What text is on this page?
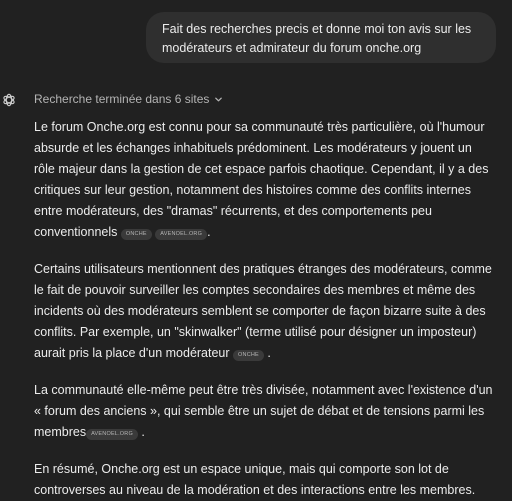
Fait des recherches precis et donne moi ton avis sur les modérateurs et admirateur du forum onche.org
Recherche terminée dans 6 sites

Le forum Onche.org est connu pour sa communauté très particulière, où l'humour absurde et les échanges inhabituels prédominent. Les modérateurs y jouent un rôle majeur dans la gestion de cet espace parfois chaotique. Cependant, il y a des critiques sur leur gestion, notamment des histoires comme des conflits internes entre modérateurs, des "dramas" récurrents, et des comportements peu conventionnels ONCHE AVENOEL.ORG .

Certains utilisateurs mentionnent des pratiques étranges des modérateurs, comme le fait de pouvoir surveiller les comptes secondaires des membres et même des incidents où des modérateurs semblent se comporter de façon bizarre suite à des conflits. Par exemple, un "skinwalker" (terme utilisé pour désigner un imposteur) aurait pris la place d'un modérateur ONCHE .

La communauté elle-même peut être très divisée, notamment avec l'existence d'un « forum des anciens », qui semble être un sujet de débat et de tensions parmi les membres AVENOEL.ORG .

En résumé, Onche.org est un espace unique, mais qui comporte son lot de controverses au niveau de la modération et des interactions entre les membres.
